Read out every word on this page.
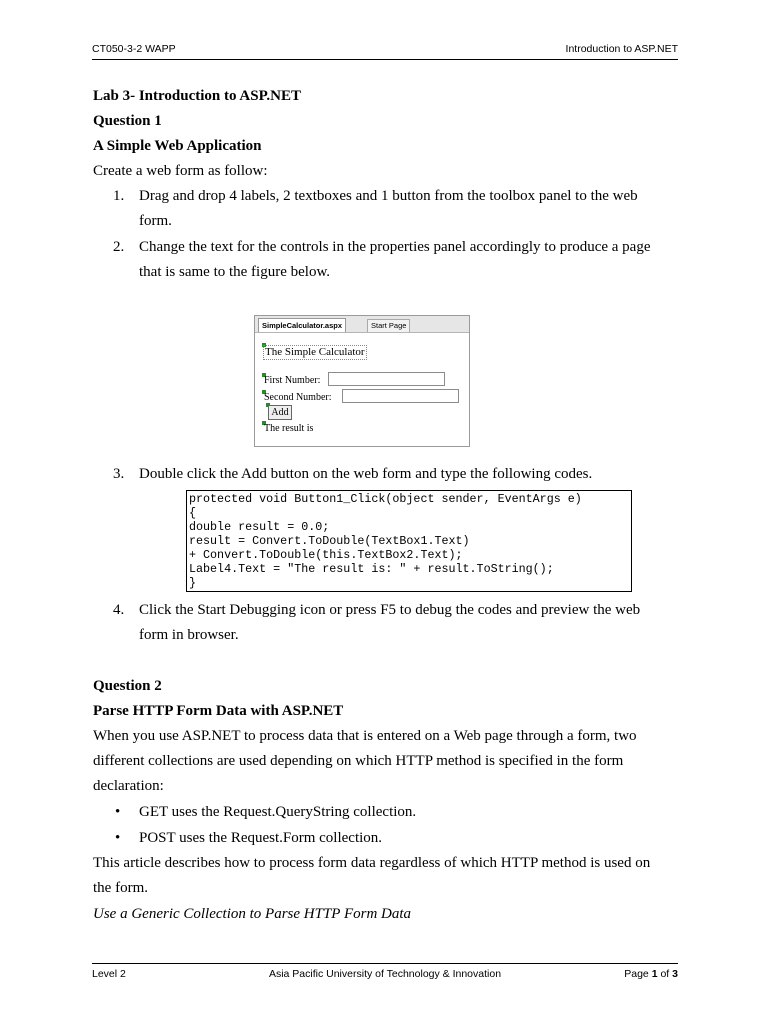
CT050-3-2 WAPP	Introduction to ASP.NET
Lab 3- Introduction to ASP.NET
Question 1
A Simple Web Application
Create a web form as follow:
1. Drag and drop 4 labels, 2 textboxes and 1 button from the toolbox panel to the web
form.
2. Change the text for the controls in the properties panel accordingly to produce a page
that is same to the figure below.
SimpleCalculator.aspx	Start Page
The Simple Calculator
First Number:
Second Number:
Add
The result is
3. Double click the Add button on the web form and type the following codes.
protected void Button1_Click(object sender, EventArgs e)
{
double result = 0.0;
result = Convert.ToDouble(TextBox1.Text)
+ Convert.ToDouble(this.TextBox2.Text);
Label4.Text = "The result is: " + result.ToString();
}
4. Click the Start Debugging icon or press F5 to debug the codes and preview the web
form in browser.
Question 2
Parse HTTP Form Data with ASP.NET
When you use ASP.NET to process data that is entered on a Web page through a form, two
different collections are used depending on which HTTP method is specified in the form
declaration:
• GET uses the Request.QueryString collection.
• POST uses the Request.Form collection.
This article describes how to process form data regardless of which HTTP method is used on
the form.
Use a Generic Collection to Parse HTTP Form Data
Level 2	Asia Pacific University of Technology & Innovation	Page 1 of 3
